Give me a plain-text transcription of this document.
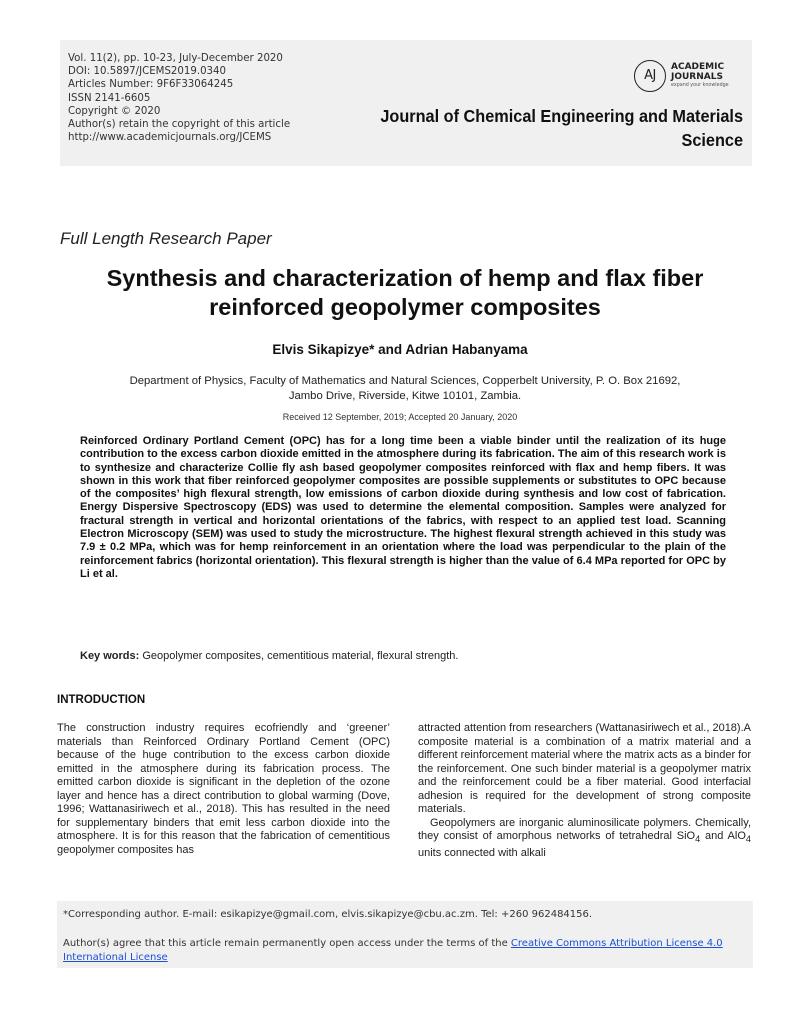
Vol. 11(2), pp. 10-23, July-December 2020
DOI: 10.5897/JCEMS2019.0340
Articles Number: 9F6F33064245
ISSN 2141-6605
Copyright © 2020
Author(s) retain the copyright of this article
http://www.academicjournals.org/JCEMS
AJ
ACADEMIC
JOURNALS
expand your knowledge
Journal of Chemical Engineering and Materials
Science
Full Length Research Paper
Synthesis and characterization of hemp and flax fiber
reinforced geopolymer composites
Elvis Sikapizye* and Adrian Habanyama
Department of Physics, Faculty of Mathematics and Natural Sciences, Copperbelt University, P. O. Box 21692,
Jambo Drive, Riverside, Kitwe 10101, Zambia.
Received 12 September, 2019; Accepted 20 January, 2020
Reinforced Ordinary Portland Cement (OPC) has for a long time been a viable binder until the realization of its huge contribution to the excess carbon dioxide emitted in the atmosphere during its fabrication. The aim of this research work is to synthesize and characterize Collie fly ash based geopolymer composites reinforced with flax and hemp fibers. It was shown in this work that fiber reinforced geopolymer composites are possible supplements or substitutes to OPC because of the composites’ high flexural strength, low emissions of carbon dioxide during synthesis and low cost of fabrication. Energy Dispersive Spectroscopy (EDS) was used to determine the elemental composition. Samples were analyzed for fractural strength in vertical and horizontal orientations of the fabrics, with respect to an applied test load. Scanning Electron Microscopy (SEM) was used to study the microstructure. The highest flexural strength achieved in this study was 7.9 ± 0.2 MPa, which was for hemp reinforcement in an orientation where the load was perpendicular to the plain of the reinforcement fabrics (horizontal orientation). This flexural strength is higher than the value of 6.4 MPa reported for OPC by Li et al.
Key words: Geopolymer composites, cementitious material, flexural strength.
INTRODUCTION

The construction industry requires ecofriendly and ‘greener’ materials than Reinforced Ordinary Portland Cement (OPC) because of the huge contribution to the excess carbon dioxide emitted in the atmosphere during its fabrication process. The emitted carbon dioxide is significant in the depletion of the ozone layer and hence has a direct contribution to global warming (Dove, 1996; Wattanasiriwech et al., 2018). This has resulted in the need for supplementary binders that emit less carbon dioxide into the atmosphere. It is for this reason that the fabrication of cementitious geopolymer composites has

attracted attention from researchers (Wattanasiriwech et al., 2018).A composite material is a combination of a matrix material and a different reinforcement material where the matrix acts as a binder for the reinforcement. One such binder material is a geopolymer matrix and the reinforcement could be a fiber material. Good interfacial adhesion is required for the development of strong composite materials.

Geopolymers are inorganic aluminosilicate polymers. Chemically, they consist of amorphous networks of tetrahedral SiO$_4$ and AlO$_4$ units connected with alkali

*Corresponding author. E-mail: esikapizye@gmail.com, elvis.sikapizye@cbu.ac.zm. Tel: +260 962484156.
Author(s) agree that this article remain permanently open access under the terms of the Creative Commons Attribution License 4.0 International License
